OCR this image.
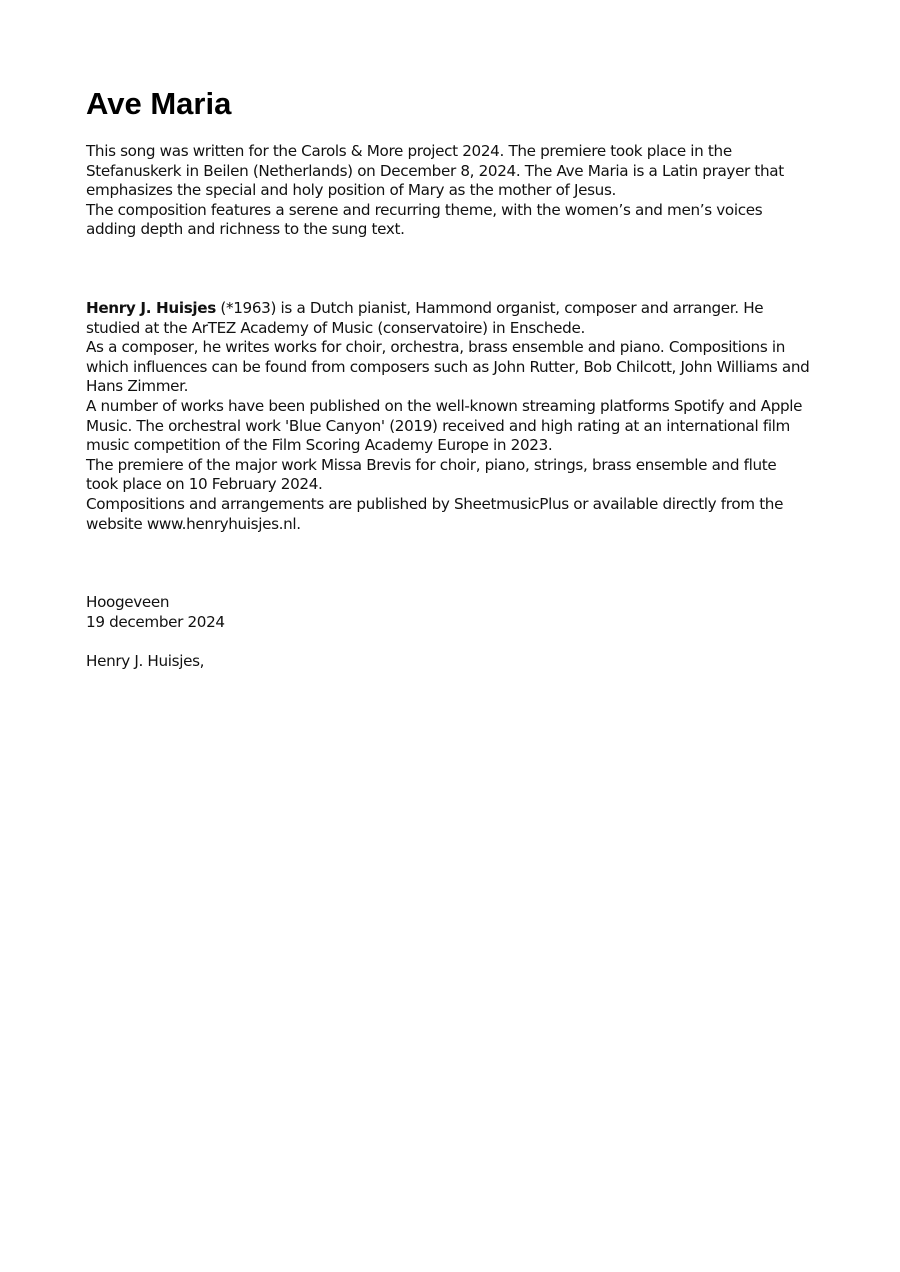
Ave Maria
This song was written for the Carols & More project 2024. The premiere took place in the Stefanuskerk in Beilen (Netherlands) on December 8, 2024. The Ave Maria is a Latin prayer that emphasizes the special and holy position of Mary as the mother of Jesus.
The composition features a serene and recurring theme, with the women’s and men’s voices adding depth and richness to the sung text.
Henry J. Huisjes (*1963) is a Dutch pianist, Hammond organist, composer and arranger. He studied at the ArTEZ Academy of Music (conservatoire) in Enschede.
As a composer, he writes works for choir, orchestra, brass ensemble and piano. Compositions in which influences can be found from composers such as John Rutter, Bob Chilcott, John Williams and Hans Zimmer.
A number of works have been published on the well-known streaming platforms Spotify and Apple Music. The orchestral work 'Blue Canyon' (2019) received and high rating at an international film music competition of the Film Scoring Academy Europe in 2023.
The premiere of the major work Missa Brevis for choir, piano, strings, brass ensemble and flute took place on 10 February 2024.
Compositions and arrangements are published by SheetmusicPlus or available directly from the website www.henryhuisjes.nl.
Hoogeveen
19 december 2024
Henry J. Huisjes,
